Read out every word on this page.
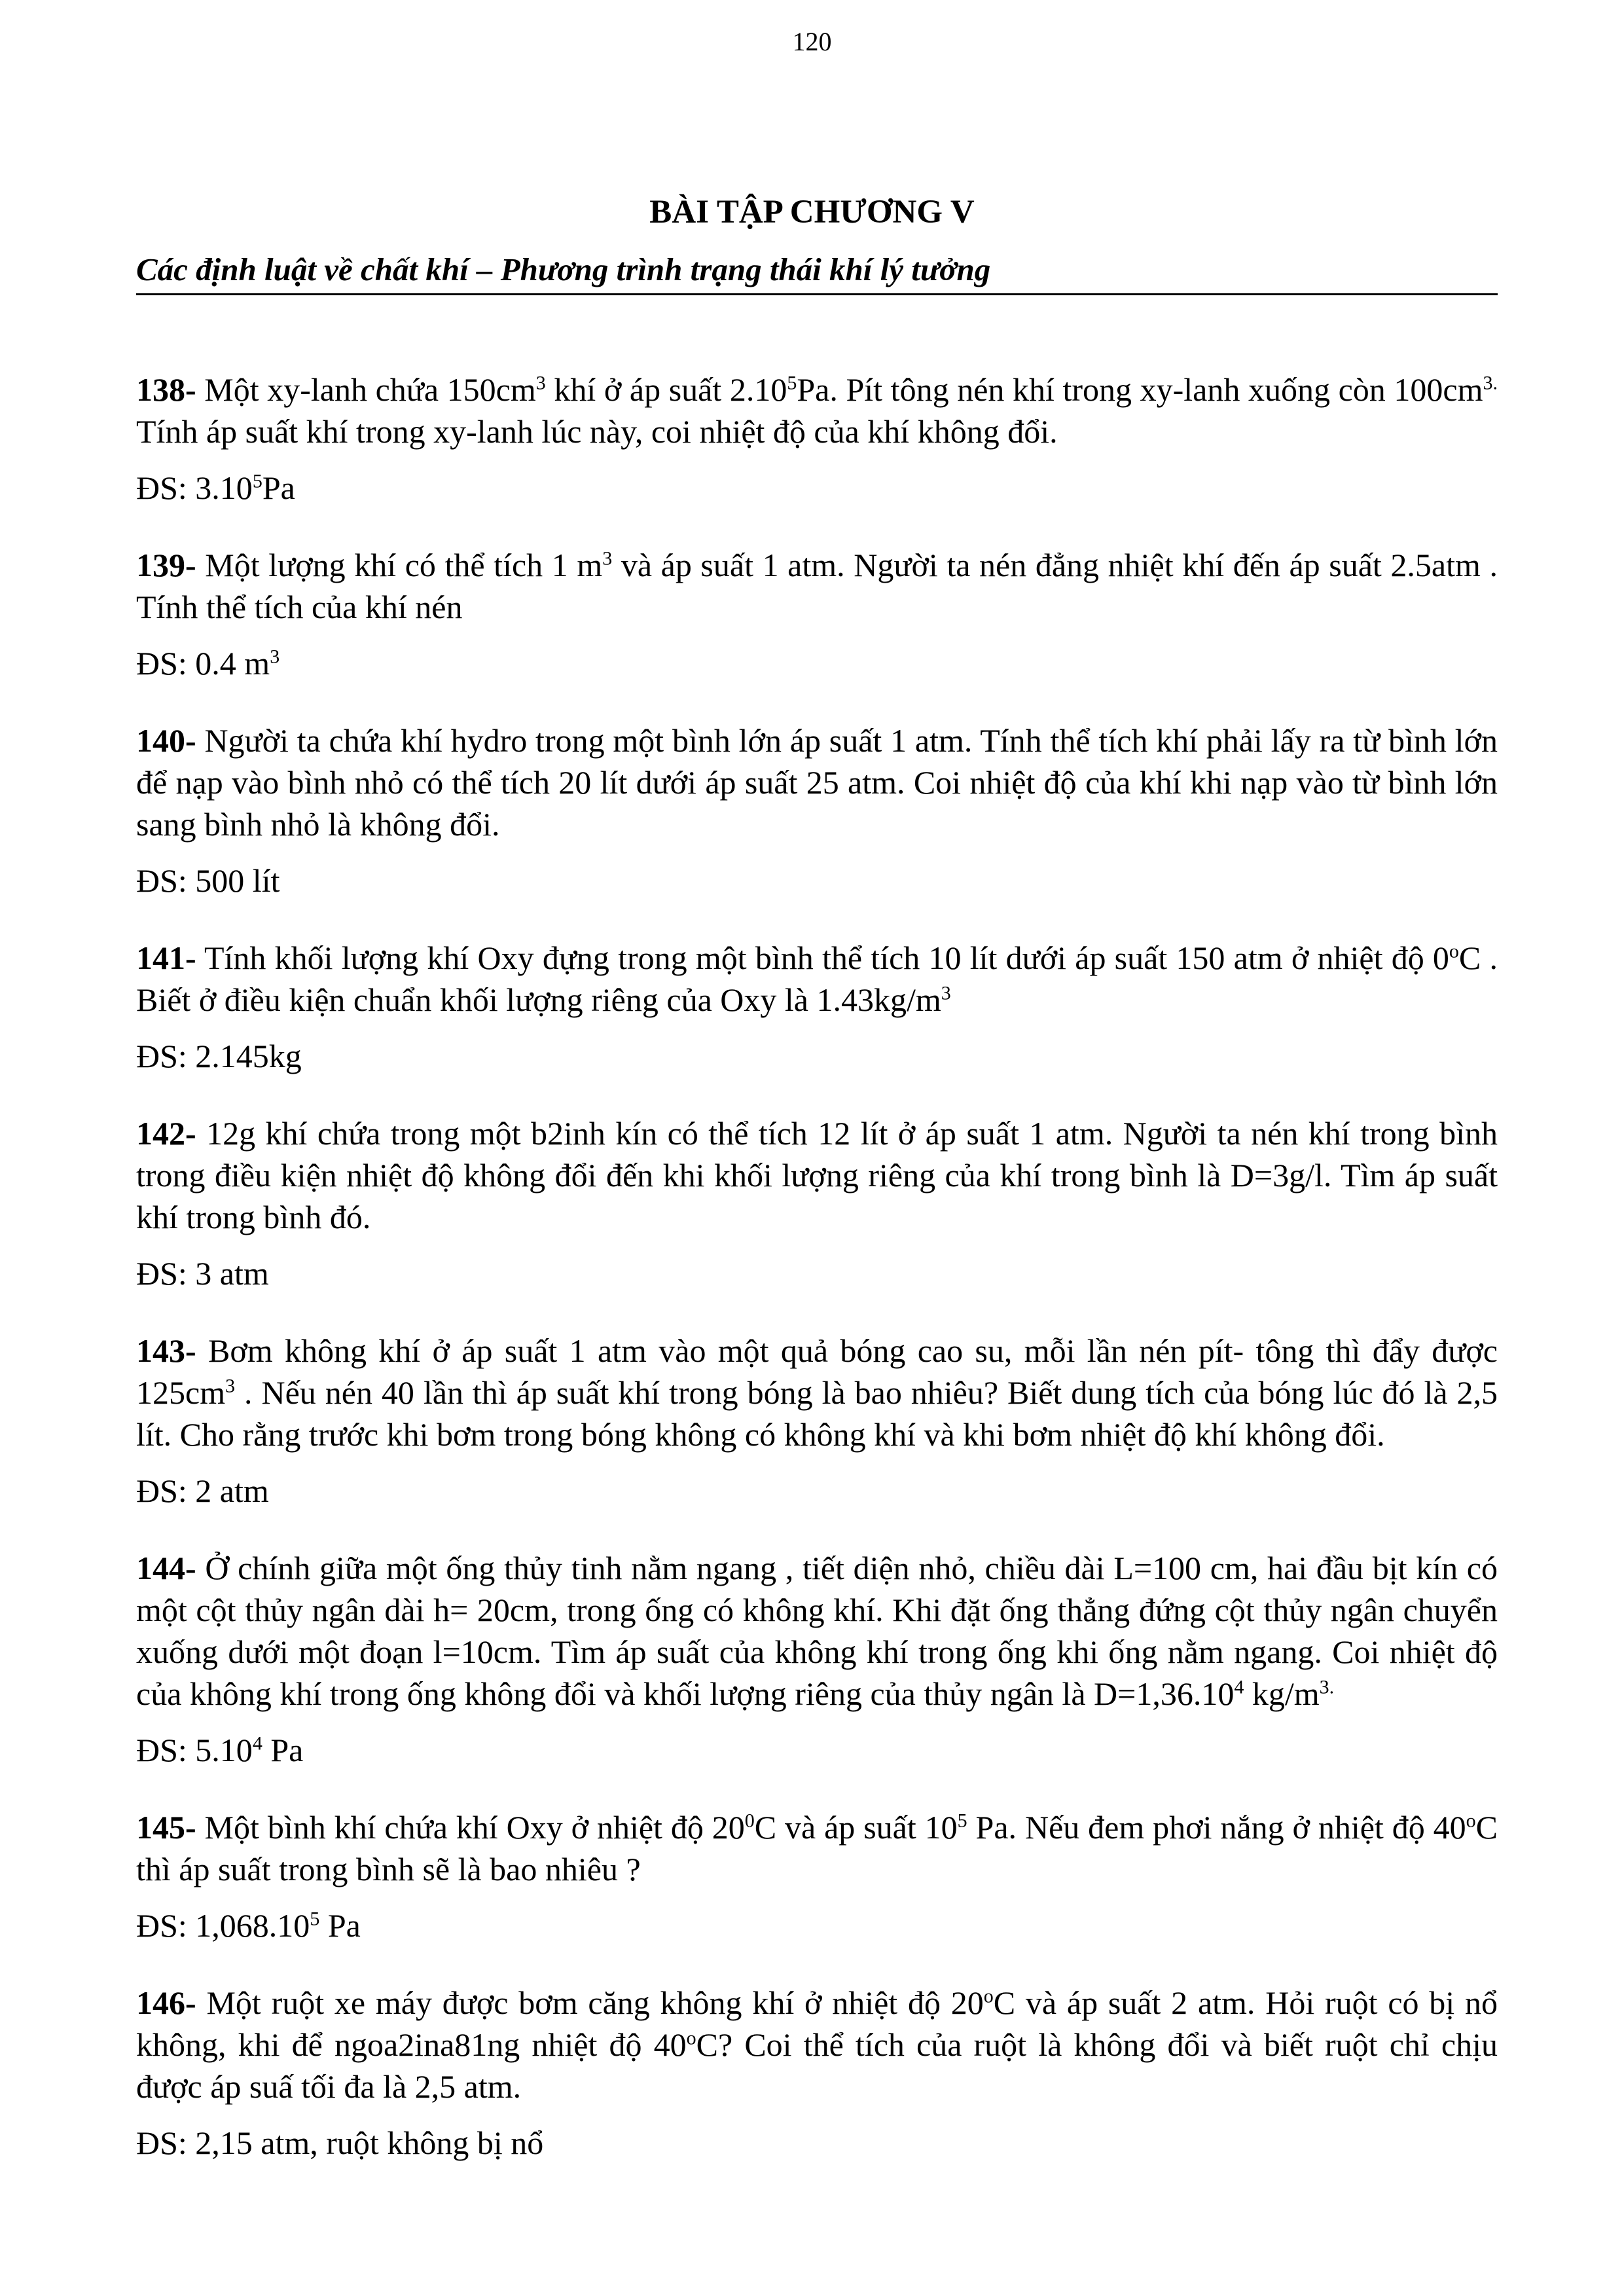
120
BÀI TẬP CHƯƠNG V
Các định luật về chất khí – Phương trình trạng thái khí lý tưởng

138- Một xy-lanh chứa $150cm^3$ khí ở áp suất 2.10$^5$Pa. Pít tông nén khí trong xy-lanh xuống còn $100cm^{3.}$ Tính áp suất khí trong xy-lanh lúc này, coi nhiệt độ của khí không đổi.

ĐS: 3.10$^5$Pa

139- Một lượng khí có thể tích 1 $m^3$ và áp suất 1 atm. Người ta nén đẳng nhiệt khí đến áp suất 2.5atm . Tính thể tích của khí nén

ĐS: 0.4 $m^3$

140- Người ta chứa khí hydro trong một bình lớn áp suất 1 atm. Tính thể tích khí phải lấy ra từ bình lớn để nạp vào bình nhỏ có thể tích 20 lít dưới áp suất 25 atm. Coi nhiệt độ của khí khi nạp vào từ bình lớn sang bình nhỏ là không đổi.

ĐS: 500 lít

141- Tính khối lượng khí Oxy đựng trong một bình thể tích 10 lít dưới áp suất 150 atm ở nhiệt độ 0$^o$C . Biết ở điều kiện chuẩn khối lượng riêng của Oxy là $1.43kg/m^3$

ĐS: 2.145kg

142- 12g khí chứa trong một b2inh kín có thể tích 12 lít ở áp suất 1 atm. Người ta nén khí trong bình trong điều kiện nhiệt độ không đổi đến khi khối lượng riêng của khí trong bình là D=3g/l. Tìm áp suất khí trong bình đó.

ĐS: 3 atm

143- Bơm không khí ở áp suất 1 atm vào một quả bóng cao su, mỗi lần nén pít- tông thì đẩy được $125cm^3$ . Nếu nén 40 lần thì áp suất khí trong bóng là bao nhiêu? Biết dung tích của bóng lúc đó là 2,5 lít. Cho rằng trước khi bơm trong bóng không có không khí và khi bơm nhiệt độ khí không đổi.

ĐS: 2 atm

144- Ở chính giữa một ống thủy tinh nằm ngang , tiết diện nhỏ, chiều dài L=100 cm, hai đầu bịt kín có một cột thủy ngân dài h= 20cm, trong ống có không khí. Khi đặt ống thẳng đứng cột thủy ngân chuyển xuống dưới một đoạn l=10cm. Tìm áp suất của không khí trong ống khi ống nằm ngang. Coi nhiệt độ của không khí trong ống không đổi và khối lượng riêng của thủy ngân là $D=1,36.10^4$ $kg/m^{3.}$

ĐS: 5.10$^4$ Pa

145- Một bình khí chứa khí Oxy ở nhiệt độ $20^0C$ và áp suất $10^5$ Pa. Nếu đem phơi nắng ở nhiệt độ 40$^o$C thì áp suất trong bình sẽ là bao nhiêu ?

ĐS: 1,068.10$^5$ Pa

146- Một ruột xe máy được bơm căng không khí ở nhiệt độ 20$^o$C và áp suất 2 atm. Hỏi ruột có bị nổ không, khi để ngoa2ina81ng nhiệt độ 40$^o$C? Coi thể tích của ruột là không đổi và biết ruột chỉ chịu được áp suấ tối đa là 2,5 atm.

ĐS: 2,15 atm, ruột không bị nổ
